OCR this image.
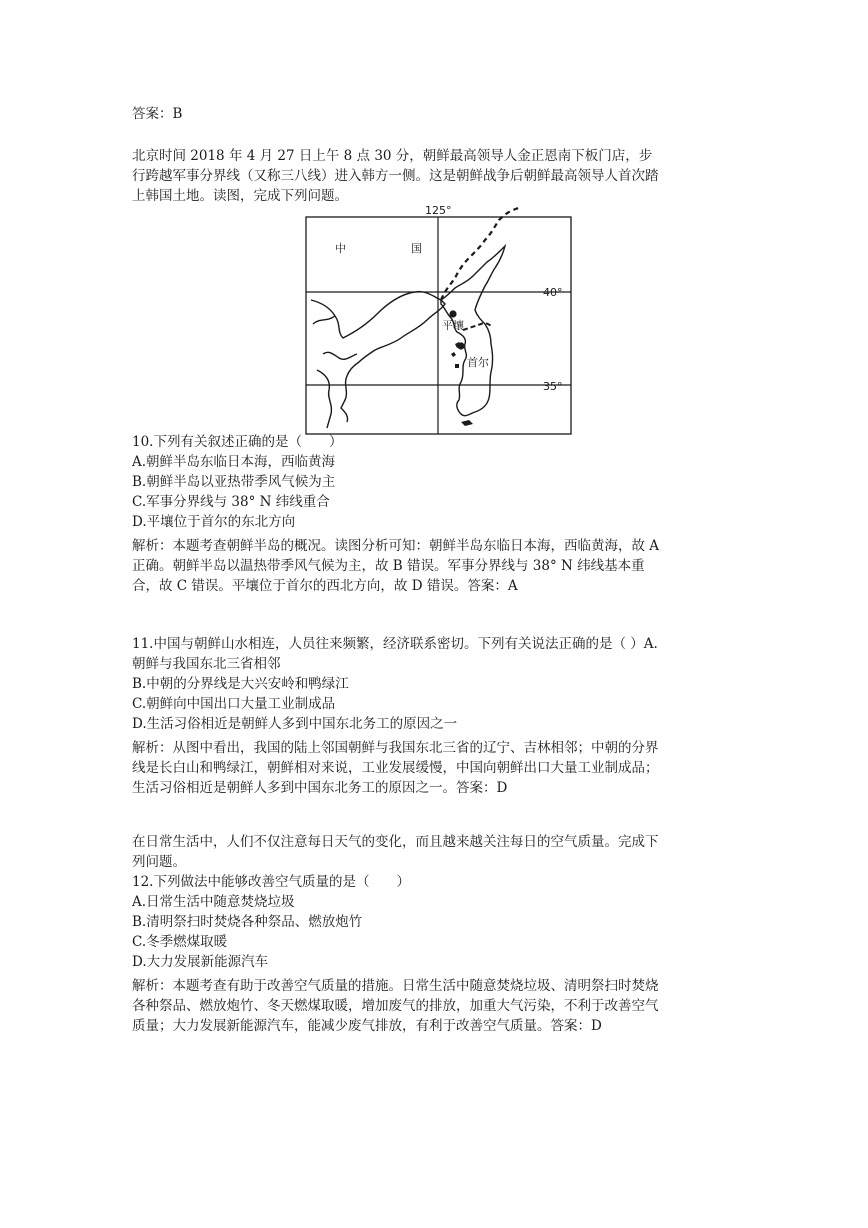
答案：B
北京时间 2018 年 4 月 27 日上午 8 点 30 分，朝鲜最高领导人金正恩南下板门店，步
行跨越军事分界线（又称三八线）进入韩方一侧。这是朝鲜战争后朝鲜最高领导人首次踏
上韩国土地。读图，完成下列问题。
125°
40°
35°
中	国
平壤
首尔
10.下列有关叙述正确的是（　　）
A.朝鲜半岛东临日本海，西临黄海
B.朝鲜半岛以亚热带季风气候为主
C.军事分界线与 38° N 纬线重合
D.平壤位于首尔的东北方向
解析：本题考查朝鲜半岛的概况。读图分析可知：朝鲜半岛东临日本海，西临黄海，故 A
正确。朝鲜半岛以温热带季风气候为主，故 B 错误。军事分界线与 38° N 纬线基本重
合，故 C 错误。平壤位于首尔的西北方向，故 D 错误。答案：A
11.中国与朝鲜山水相连，人员往来频繁，经济联系密切。下列有关说法正确的是（ ）A.
朝鲜与我国东北三省相邻
B.中朝的分界线是大兴安岭和鸭绿江
C.朝鲜向中国出口大量工业制成品
D.生活习俗相近是朝鲜人多到中国东北务工的原因之一
解析：从图中看出，我国的陆上邻国朝鲜与我国东北三省的辽宁、吉林相邻；中朝的分界
线是长白山和鸭绿江，朝鲜相对来说，工业发展缓慢，中国向朝鲜出口大量工业制成品；
生活习俗相近是朝鲜人多到中国东北务工的原因之一。答案：D
在日常生活中，人们不仅注意每日天气的变化，而且越来越关注每日的空气质量。完成下
列问题。
12.下列做法中能够改善空气质量的是（　　）
A.日常生活中随意焚烧垃圾
B.清明祭扫时焚烧各种祭品、燃放炮竹
C.冬季燃煤取暖
D.大力发展新能源汽车
解析：本题考查有助于改善空气质量的措施。日常生活中随意焚烧垃圾、清明祭扫时焚烧
各种祭品、燃放炮竹、冬天燃煤取暖，增加废气的排放，加重大气污染，不利于改善空气
质量；大力发展新能源汽车，能减少废气排放，有利于改善空气质量。答案：D
